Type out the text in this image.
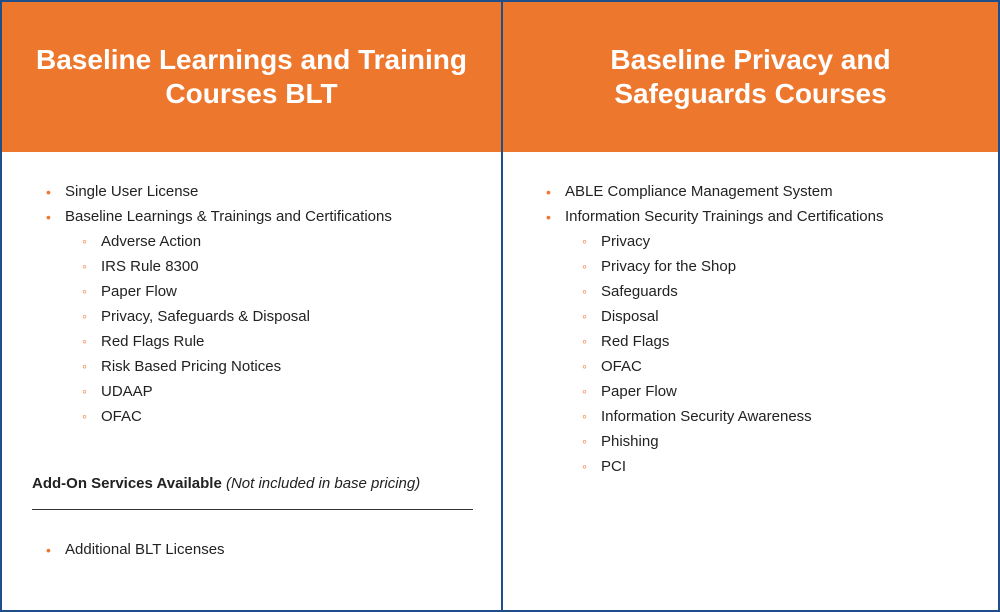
Baseline Learnings and Training Courses BLT
• Single User License
• Baseline Learnings & Trainings and Certifications
◦ Adverse Action
◦ IRS Rule 8300
◦ Paper Flow
◦ Privacy, Safeguards & Disposal
◦ Red Flags Rule
◦ Risk Based Pricing Notices
◦ UDAAP
◦ OFAC
Add-On Services Available (Not included in base pricing)
• Additional BLT Licenses
Baseline Privacy and Safeguards Courses
• ABLE Compliance Management System
• Information Security Trainings and Certifications
◦ Privacy
◦ Privacy for the Shop
◦ Safeguards
◦ Disposal
◦ Red Flags
◦ OFAC
◦ Paper Flow
◦ Information Security Awareness
◦ Phishing
◦ PCI
